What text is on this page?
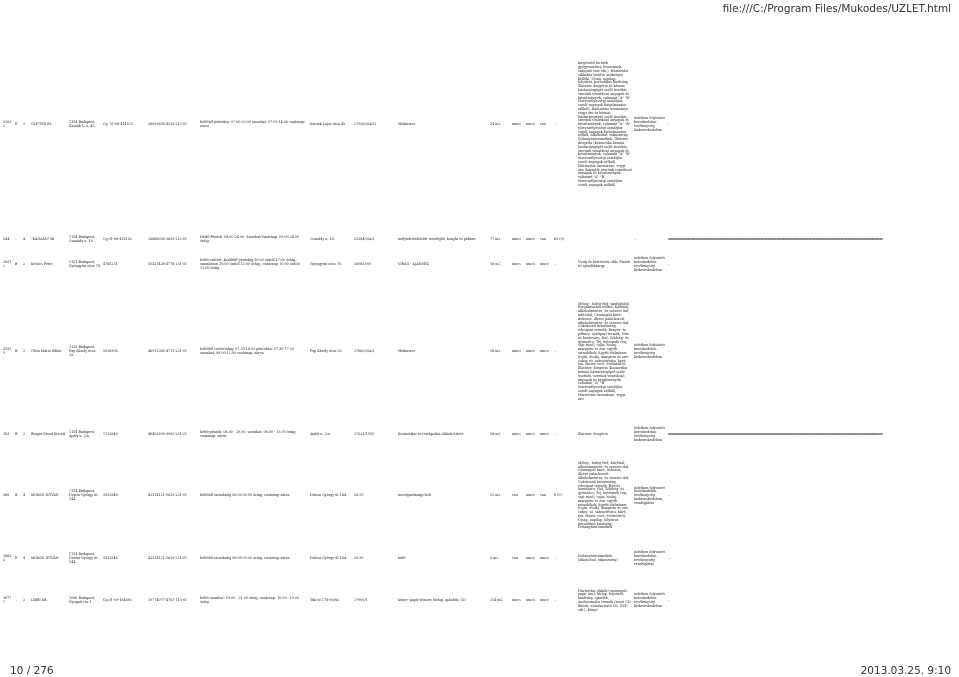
file:///C:/Program Files/Mukodes/UZLET.html
33633	E	2	OLF-TER Bt.	1154 Budapest, Kassák L. u. 45.	Cg. 01-06-414573	28093695-4329-212-01	hétfőtől-péntekig: 07.00-20.00 szombat: 07.00-14.00 vasárnap: zárva	Kassák Lajos utca 45.	27926/0/A/22	élelmiszer	24 m2	nincs	nincs	van	..	kiegészítő termék gyógyszertáry. huszonnek, szaúpítő szer stb.), Háztartási cikkek(a türülve szükséges kellék), Újság, napilap, folyóirat, periodikus kiadvány, Illatszer, drogéria és kémiai háztartásgépét szőlő tisztítás szerünk vonatkozó anyagok és készítmények, valamint "A" "B" tűzveszélyességi osztályba sorolt anyagok forgalmazása nélkül), Háztartási üzemiánye, vegyi áru és kémiai háztartásgépét szőlő tisztítás szerünk vonatkozó anyagok és készítmények, valamint "A" "B" tűzveszélyességi osztályba sorolt anyagok forgalmazása nélkül, Alkoholtal, rakaszerny, Dohányárutermékek, Illatszer, drogéria (kozmetika kémiai háztartásgépét szőlő tisztítás, szerünk vonatkozó anyagok és készítmények, valamint "A" "B" tűzveszélyességi osztályba sorolt anyagok nélkül), Háztartási üzemiánye, vegyi áru (kármáló szerünk vonatkozó anyagok és készítmények, valamint "A" "B" tűzveszélyességi osztályba sorolt anyagok nélkül)	üzletben folytatott kereskedelmi tevékenység kiskereskedelem	..
344	..	4	"KÁNAÁN" Bt.	1154 Budapest, Csanády u. 18.	Cg.01-06-416152	26668035-5639-212-01	Hétfő-Péntek: 08.00-24.00, Szombat-Vasárnap: 09.00-24.00 óráig	Csanády u. 18.	25284/0/A/3	mélyhűtött/hűtött vendéglői, konyhi és pékáru	77 m2	nincs	nincs	van	69 (0)		..	xxxxxxxxxxxxxxxxxxxxxxxxxxxxxxxxxxxxxxxxxxxxxxxxxxxxxxxxxxxxxxxxxxxxxxxxxxxxxxxxxxxxxxxxxxxxxxxxxxxxxxxxxxxxxxxxxxxxxxxxxxxxxxxxxxxxxxxxxxxxxxxxxxx
35512	B	2	Kovács Péter	1151 Budapest, Gyöngyösi utca 78.	4765231	55413426-4776-231-01	hétfő-csütört, kedd6tíl-péntekig 10:00 órától 17:00 óráig., szombaton 10:00 órától 13:00 óráig., vasárnap 10:00 órától 13:00 óráig	Gyöngyösi utca 78.	26083/0/0	VIRÁG - AJÁNDÉK	16 m2	nincs	nincs	nincs	..	Virág és kertészeti cikk; Emlék- és ajándéktárgy	üzletben folytatott kereskedelmi tevékenység kiskereskedelem	..
35523	B	2	Olvin Mária Ildikó	1155 Budapest, Páp Károly utca 32.	2526906	46912365-4711-231-01	hétfőtől csütörtökig: 07.30-18.00 pénteken: 07.30-17.30 szombat: 08.00-12.00 vasárnap: zárva	Pap Károly utca 32.	27663/0/A/3	élelmiszer	18 m2	nincs	nincs	nincs	..	Meleg-, hideg étel; üzeleghűtő Forgalmazása nélkül; Kávéital, alkoholmentes- és szeszes ital; üdítőital; Csomagolt kávé, dobozos, illetve palackozott alkoholmentes- és szeszes ital; Cukrászati készítmény, édesipari termék; Kenyér- és pékáru, sütőipari termék; Hús-és hentesáru; Hal; Zöldség- és gyümölcs; Tej, tejtermék (vaj, sajt, túró), tojás, étolaj, margarin és zsír, egyéb zsíradékok; Egyéb élelmiszer (tojás, étolaj, margarin és zsír, cukor, só, száraztészta, kávé, tea, fűszer, ecet, ételízesítő); Illatszer, drogéria (kozmetika kémiai háztartásgépét szőlő tisztítás, szerünk vonatkozó anyagok és készítmények, valamint "A" "B" tűzveszélyességi osztályba sorolt anyagok nélkül), Háztartási üzemiánye, vegyi áru	üzletben folytatott kereskedelmi tevékenység kiskereskedelem	..
383	B	2	Binger Dávid Kristóf	1154 Budapest, Apály u. 2/a.	1753849	46403699-9902-231-01	hétfő-péntek: 08.00 - 20.00, szombat: 08.00 - 13.00 óráig, vasárnap: zárva	Apály u. 2/a.	27021/1/0/5	Kozmetikai és testápolási cikkek üzlete	38 m2	nincs	nincs	nincs	..	Illatszer, drogéria	üzletben folytatott kereskedelmi tevékenység kiskereskedelem	xxxxxxxxxxxxxxxxxxxxxxxxxxxxxxxxxxxxxxxxxxxxxxxxxxxxxxxxxxxxxxxxxxxxxxxxxxxxxxxxxxxxxxxxxxxxxxxxxxxxxxxxxxxxxxxxxxxxxxxxxxxxxxxxxxxxxxxxxxxxxxxxxxx
366	B	4	MOKOS ISTVÁN	1154 Budapest, Drávai György út 144.	3552848	42314121-5629-231-01	hétfőtől-szombatig 06.00-20.00 óráig, vasárnap zárva.	Drávai György út 144.	28.93	mezőgazdasági bolt	22 m2	van	nincs	van	8 (0)	Meleg-, hideg étel; Kávéital, alkoholmentes- és szeszes ital; Csomagolt kávé, dobozos, illetve palackozott alkoholmentes- és szeszes ital; Cukrászati készítmény, édesipari termék; Hús-és hentesáru; Hal; Zöldség- és gyümölcs; Tej, tejtermék (vaj, sajt, túró), tojás, étolaj, margarin és zsír, egyéb zsíradékok; Egyéb élelmiszer (tojás, étolaj, margarin és zsír, cukor, só, száraztészta, kávé, tea, fűszer, ecet, ételízesítő); Újság, napilap, folyóirat, periodikus kiadvány; Dohányárutermékek	üzletben folytatott kereskedelmi tevékenység kiskereskedelem; vendéglátás	..
16625	E	4	MOKOS ISTVÁN	1154 Budapest, Drávai György út 144.	3552848	42314121-5629-231-01	hétfőtől-szombatig 06.00-20.00 óráig, vasárnap zárva.	Drávai György út 144.	28.93	büfé	0 m2	van	nincs	nincs	..	Dohányárutermékek (alkoholtal, rakaszerny)	üzletben folytatott kereskedelmi tevékenység vendéglátás	..
38771	..	2	LIBRI Kft.	1066 Budapest, Nyugati tér 1.	Cg.01-09-164863	10774077-4761-113-01	hétfő-szombat: 10.00 - 21.00 óráig, vasárnap: 10.00 - 19.00 óráig	Tiki út 178-00/da.	27900/1	könyv- papír-írószer, hírlap, ajándék, CD	254 m2	nincs	nincs	nincs	..	Háztartási cikkek (csomagolt, papír áru), hírlap, folyóirat, kiadvány, ajándék, Audiovizuális termék (zenei CD, filmek, szórakoztató CD, DVD stb.), Könyv	üzletben folytatott kereskedelmi tevékenység kiskereskedelem	..
10 / 276	2013.03.25. 9:10
